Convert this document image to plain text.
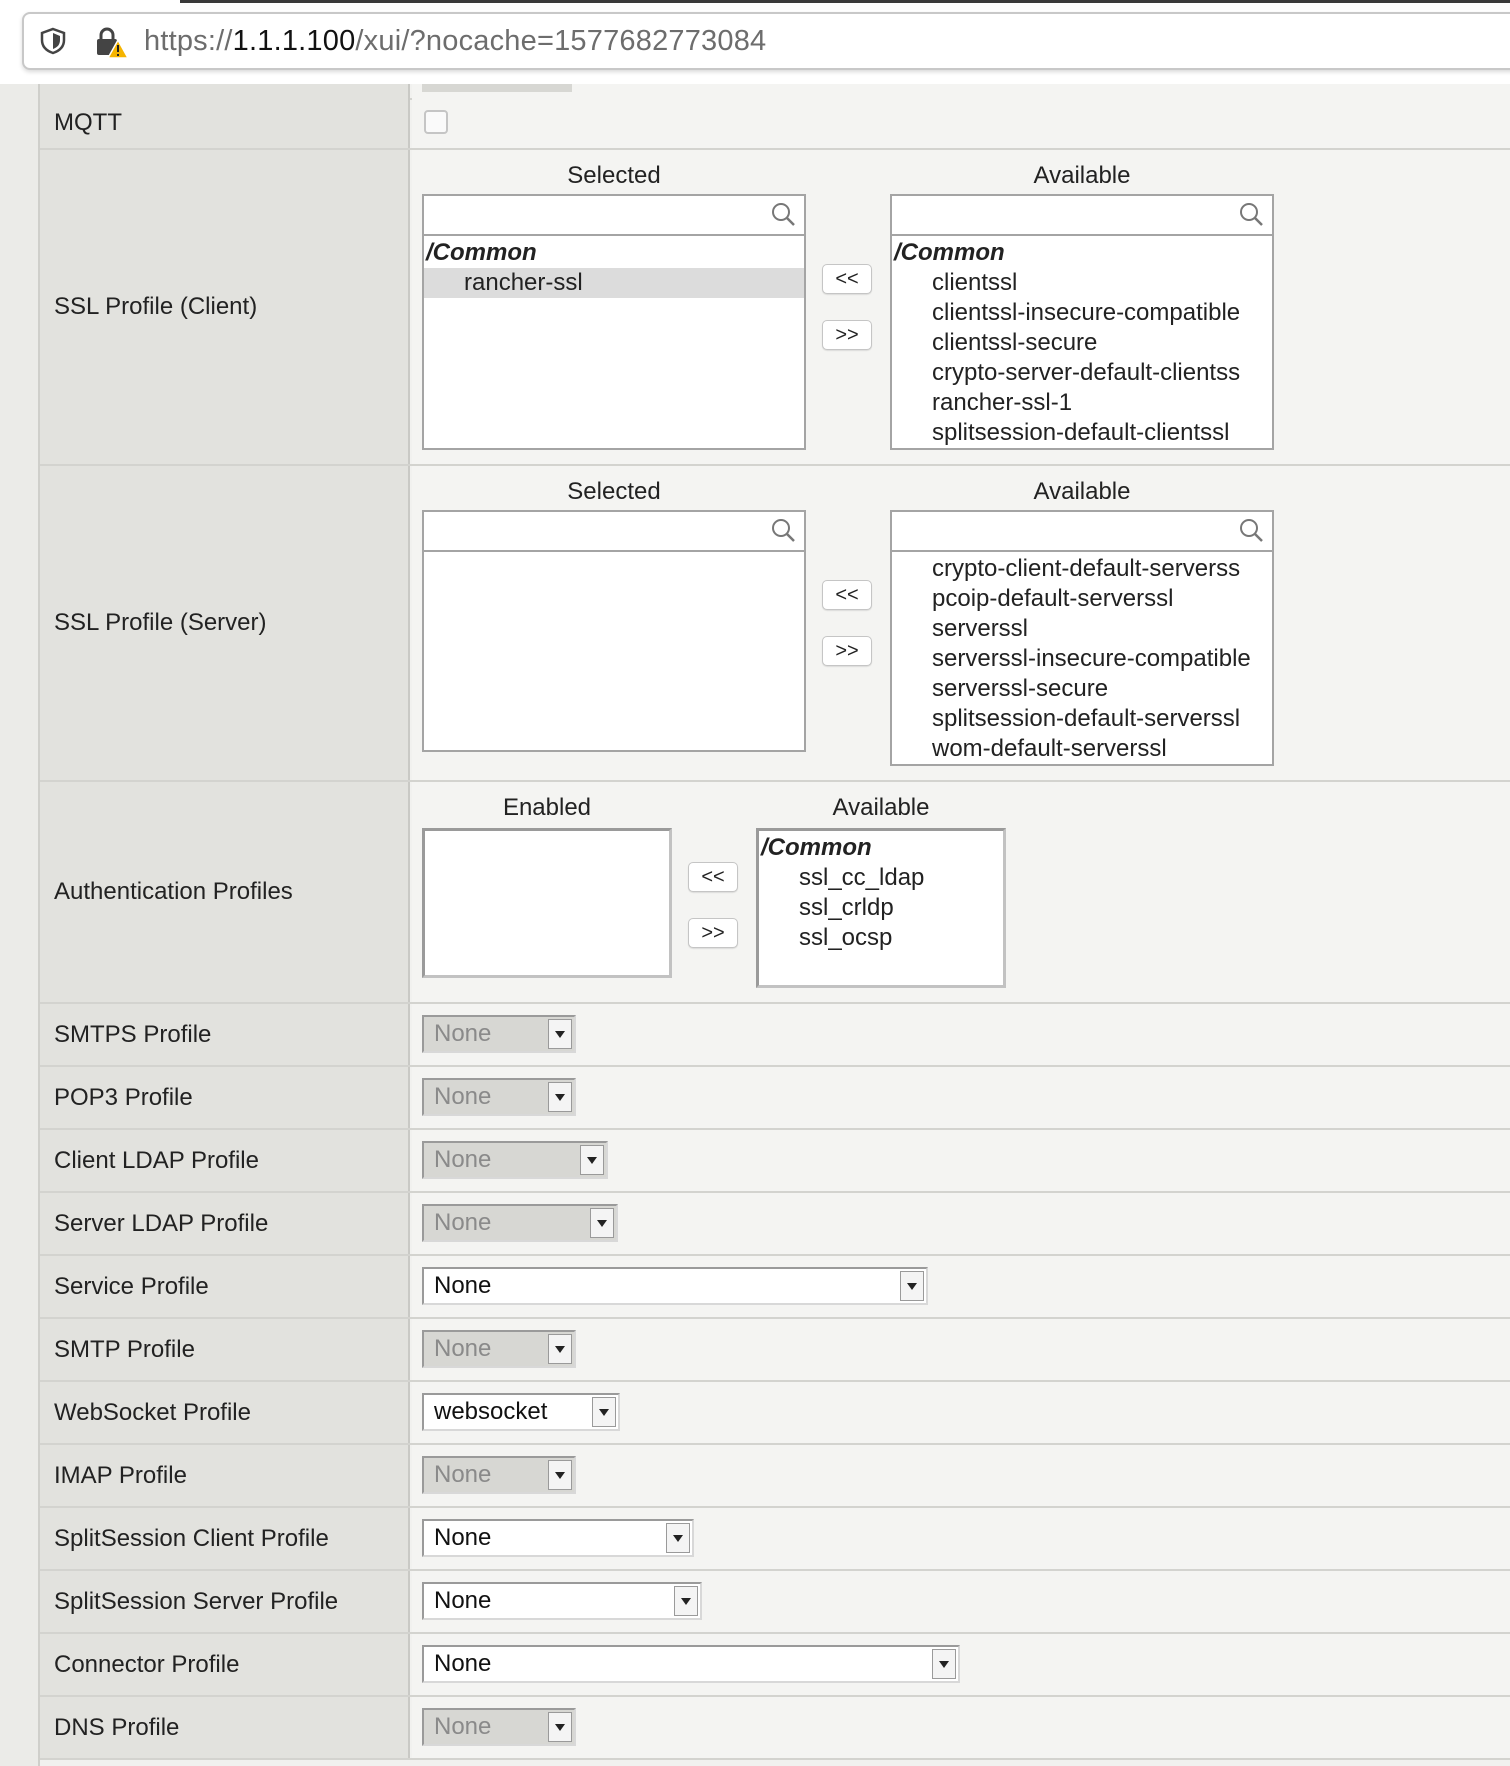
https://1.1.1.100/xui/?nocache=1577682773084
MQTT
SSL Profile (Client)
Selected	Available
/Common
rancher-ssl	<<
>>
/Common
clientssl
clientssl-insecure-compatible
clientssl-secure
crypto-server-default-clientss
rancher-ssl-1
splitsession-default-clientssl
SSL Profile (Server)
Selected	Available
<<
>>
crypto-client-default-serverss
pcoip-default-serverssl
serverssl
serverssl-insecure-compatible
serverssl-secure
splitsession-default-serverssl
wom-default-serverssl
Authentication Profiles
Enabled	Available
<<
>>
/Common
ssl_cc_ldap
ssl_crldp
ssl_ocsp
SMTPS Profile	None
POP3 Profile	None
Client LDAP Profile	None
Server LDAP Profile	None
Service Profile	None
SMTP Profile	None
WebSocket Profile	websocket
IMAP Profile	None
SplitSession Client Profile	None
SplitSession Server Profile	None
Connector Profile	None
DNS Profile	None
